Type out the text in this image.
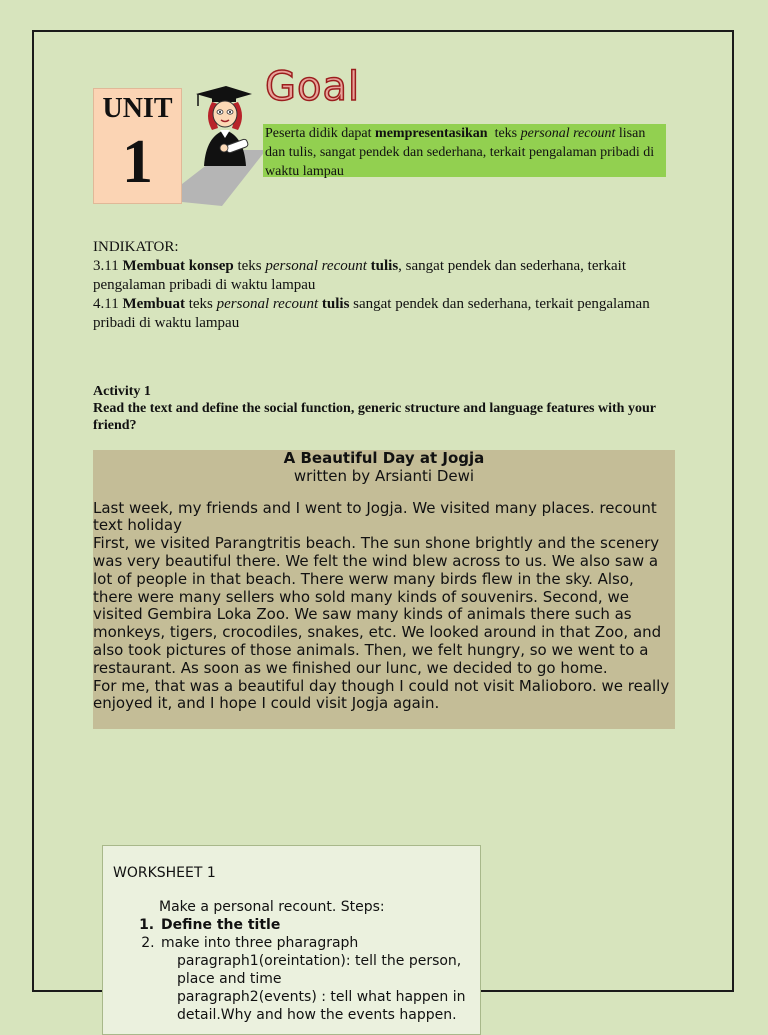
UNIT
1
Goal
Peserta didik dapat mempresentasikan  teks personal recount lisan dan tulis, sangat pendek dan sederhana, terkait pengalaman pribadi di waktu lampau

INDIKATOR:

3.11 Membuat konsep teks personal recount tulis, sangat pendek dan sederhana, terkait pengalaman pribadi di waktu lampau

4.11 Membuat teks personal recount tulis sangat pendek dan sederhana, terkait pengalaman pribadi di waktu lampau

Activity 1

Read the text and define the social function, generic structure and language features with your friend?

A Beautiful Day at Jogja
written by Arsianti Dewi

Last week, my friends and I went to Jogja. We visited many places. recount text holiday

First, we visited Parangtritis beach. The sun shone brightly and the scenery was very beautiful there. We felt the wind blew across to us. We also saw a lot of people in that beach. There werw many birds flew in the sky. Also, there were many sellers who sold many kinds of souvenirs. Second, we visited Gembira Loka Zoo. We saw many kinds of animals there such as monkeys, tigers, crocodiles, snakes, etc. We looked around in that Zoo, and also took pictures of those animals. Then, we felt hungry, so we went to a restaurant. As soon as we finished our lunc, we decided to go home.

For me, that was a beautiful day though I could not visit Malioboro. we really enjoyed it, and I hope I could visit Jogja again.

WORKSHEET 1

Make a personal recount. Steps:

1. Define the title
2. make into three pharagraph

paragraph1(oreintation): tell the person, place and time

paragraph2(events) : tell what happen in detail.Why and how the events happen.
